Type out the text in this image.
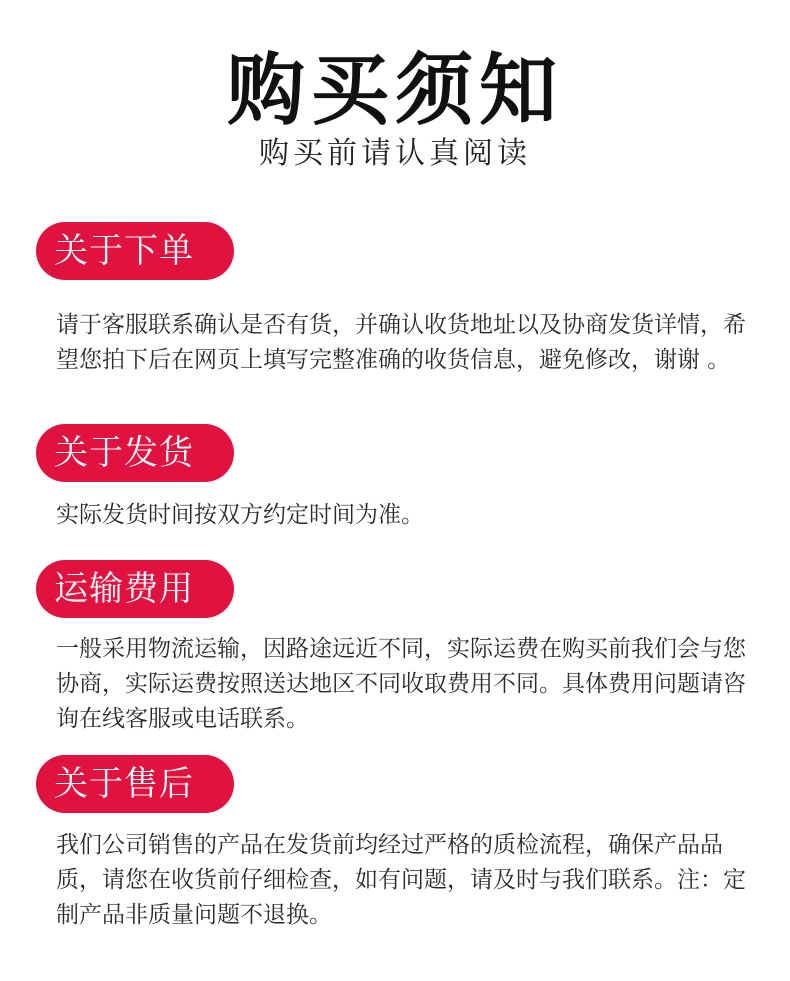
购买须知
购买前请认真阅读
关于下单
请于客服联系确认是否有货，并确认收货地址以及协商发货详情，希望您拍下后在网页上填写完整准确的收货信息，避免修改，谢谢 。
关于发货
实际发货时间按双方约定时间为准。
运输费用
一般采用物流运输，因路途远近不同，实际运费在购买前我们会与您协商，实际运费按照送达地区不同收取费用不同。具体费用问题请咨询在线客服或电话联系。
关于售后
我们公司销售的产品在发货前均经过严格的质检流程，确保产品品质，请您在收货前仔细检查，如有问题，请及时与我们联系。注：定制产品非质量问题不退换。
